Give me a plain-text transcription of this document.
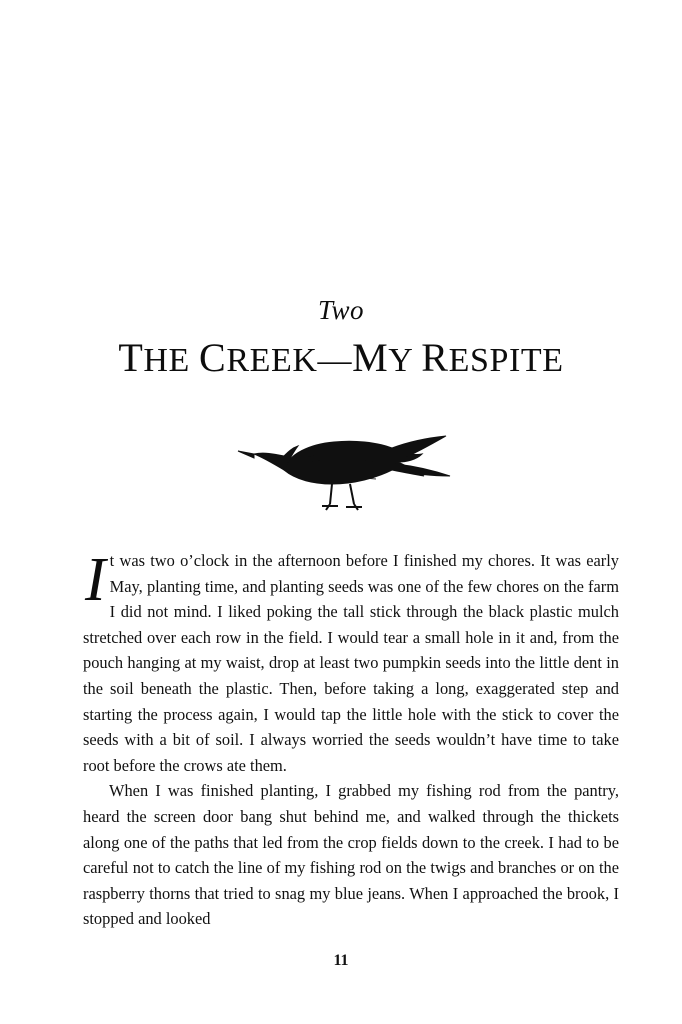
Two
THE CREEK—MY RESPITE

It was two o’clock in the afternoon before I finished my chores. It was early May, planting time, and planting seeds was one of the few chores on the farm I did not mind. I liked poking the tall stick through the black plastic mulch stretched over each row in the field. I would tear a small hole in it and, from the pouch hanging at my waist, drop at least two pumpkin seeds into the little dent in the soil beneath the plastic. Then, before taking a long, exaggerated step and starting the process again, I would tap the little hole with the stick to cover the seeds with a bit of soil. I always worried the seeds wouldn’t have time to take root before the crows ate them.

When I was finished planting, I grabbed my fishing rod from the pantry, heard the screen door bang shut behind me, and walked through the thickets along one of the paths that led from the crop fields down to the creek. I had to be careful not to catch the line of my fishing rod on the twigs and branches or on the raspberry thorns that tried to snag my blue jeans. When I approached the brook, I stopped and looked

11
